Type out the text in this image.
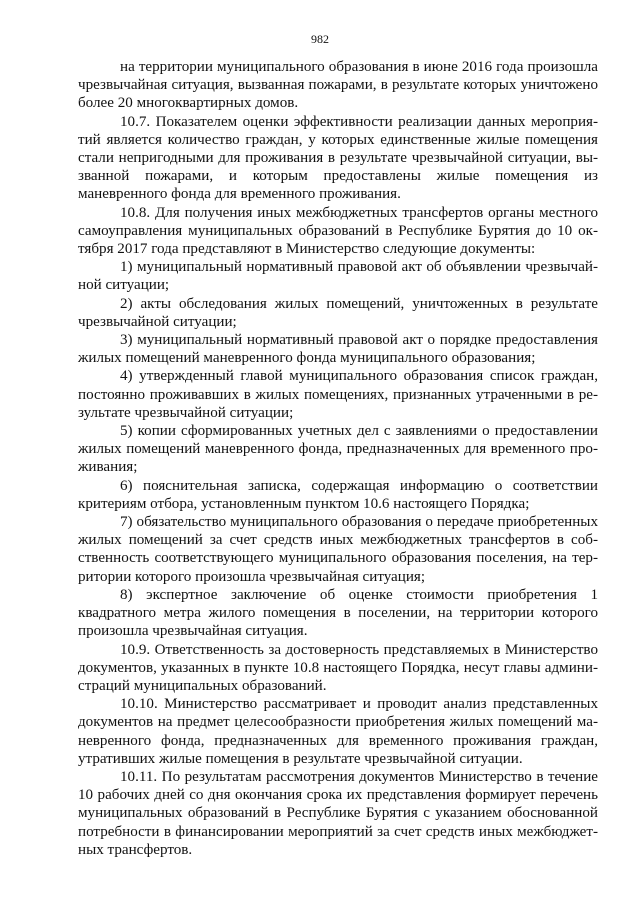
982

на территории муниципального образования в июне 2016 года произошла чрезвычайная ситуация, вызванная пожарами, в результате которых уничтожено более 20 многоквартирных домов.

10.7. Показателем оценки эффективности реализации данных мероприятий является количество граждан, у которых единственные жилые помещения стали непригодными для проживания в результате чрезвычайной ситуации, вызванной пожарами, и которым предоставлены жилые помещения из маневренного фонда для временного проживания.

10.8. Для получения иных межбюджетных трансфертов органы местного самоуправления муниципальных образований в Республике Бурятия до 10 октября 2017 года представляют в Министерство следующие документы:

1) муниципальный нормативный правовой акт об объявлении чрезвычайной ситуации;

2) акты обследования жилых помещений, уничтоженных в результате чрезвычайной ситуации;

3) муниципальный нормативный правовой акт о порядке предоставления жилых помещений маневренного фонда муниципального образования;

4) утвержденный главой муниципального образования список граждан, постоянно проживавших в жилых помещениях, признанных утраченными в результате чрезвычайной ситуации;

5) копии сформированных учетных дел с заявлениями о предоставлении жилых помещений маневренного фонда, предназначенных для временного проживания;

6) пояснительная записка, содержащая информацию о соответствии критериям отбора, установленным пунктом 10.6 настоящего Порядка;

7) обязательство муниципального образования о передаче приобретенных жилых помещений за счет средств иных межбюджетных трансфертов в собственность соответствующего муниципального образования поселения, на территории которого произошла чрезвычайная ситуация;

8) экспертное заключение об оценке стоимости приобретения 1 квадратного метра жилого помещения в поселении, на территории которого произошла чрезвычайная ситуация.

10.9. Ответственность за достоверность представляемых в Министерство документов, указанных в пункте 10.8 настоящего Порядка, несут главы администраций муниципальных образований.

10.10. Министерство рассматривает и проводит анализ представленных документов на предмет целесообразности приобретения жилых помещений маневренного фонда, предназначенных для временного проживания граждан, утративших жилые помещения в результате чрезвычайной ситуации.

10.11. По результатам рассмотрения документов Министерство в течение 10 рабочих дней со дня окончания срока их представления формирует перечень муниципальных образований в Республике Бурятия с указанием обоснованной потребности в финансировании мероприятий за счет средств иных межбюджетных трансфертов.
